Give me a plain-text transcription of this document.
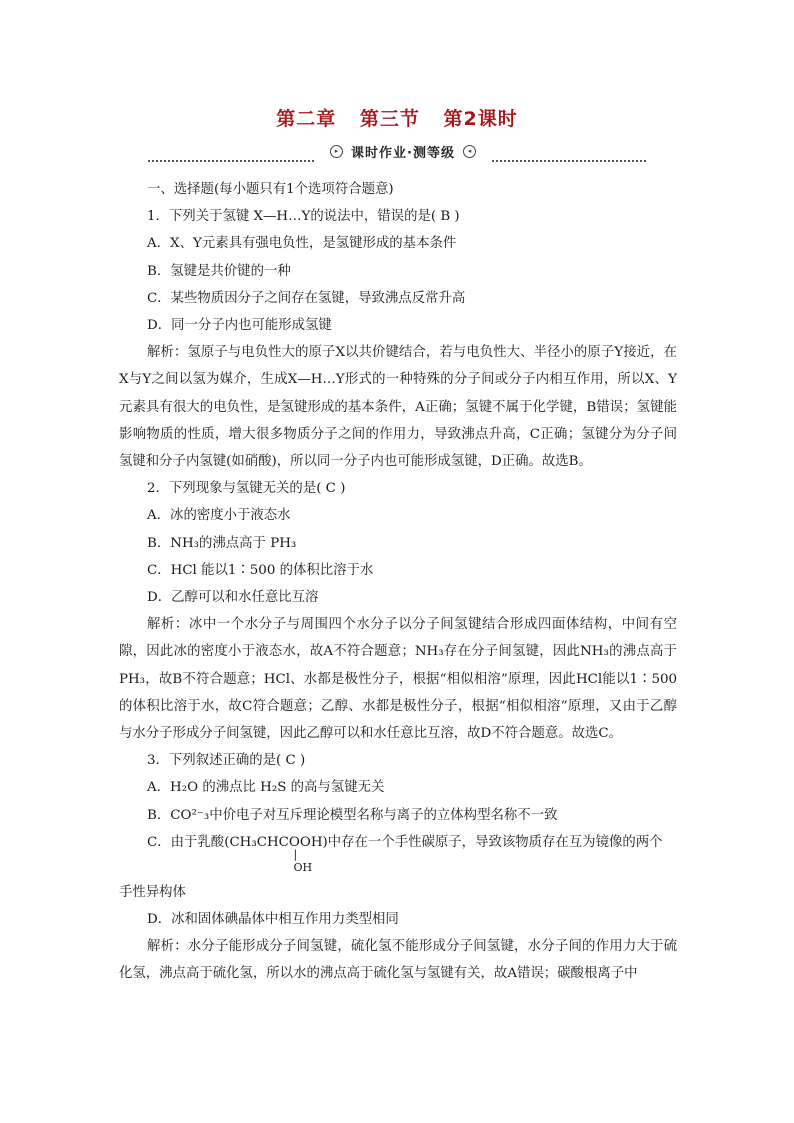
第二章 第三节 第2课时
▸ 课时作业·测等级	◂

一、选择题(每小题只有1个选项符合题意)

1．下列关于氢键 X—H…Y的说法中，错误的是( B )

A．X、Y元素具有强电负性，是氢键形成的基本条件

B．氢键是共价键的一种

C．某些物质因分子之间存在氢键，导致沸点反常升高

D．同一分子内也可能形成氢键

解析：氢原子与电负性大的原子X以共价键结合，若与电负性大、半径小的原子Y接近，在X与Y之间以氢为媒介，生成X—H…Y形式的一种特殊的分子间或分子内相互作用，所以X、Y元素具有很大的电负性，是氢键形成的基本条件，A正确；氢键不属于化学键，B错误；氢键能影响物质的性质，增大很多物质分子之间的作用力，导致沸点升高，C正确；氢键分为分子间氢键和分子内氢键(如硝酸)，所以同一分子内也可能形成氢键，D正确。故选B。

2．下列现象与氢键无关的是( C )

A．冰的密度小于液态水

B．NH₃的沸点高于 PH₃

C．HCl 能以1∶500 的体积比溶于水

D．乙醇可以和水任意比互溶

解析：冰中一个水分子与周围四个水分子以分子间氢键结合形成四面体结构，中间有空隙，因此冰的密度小于液态水，故A不符合题意；NH₃存在分子间氢键，因此NH₃的沸点高于PH₃，故B不符合题意；HCl、水都是极性分子，根据“相似相溶”原理，因此HCl能以1∶500的体积比溶于水，故C符合题意；乙醇、水都是极性分子，根据“相似相溶”原理，又由于乙醇与水分子形成分子间氢键，因此乙醇可以和水任意比互溶，故D不符合题意。故选C。

3．下列叙述正确的是( C )

A．H₂O 的沸点比 H₂S 的高与氢键无关

B．CO²⁻₃中价电子对互斥理论模型名称与离子的立体构型名称不一致

C．由于乳酸(CH₃CHCOOH
|
OH
)中存在一个手性碳原子，导致该物质存在互为镜像的两个

手性异构体

D．冰和固体碘晶体中相互作用力类型相同

解析：水分子能形成分子间氢键，硫化氢不能形成分子间氢键，水分子间的作用力大于硫化氢，沸点高于硫化氢，所以水的沸点高于硫化氢与氢键有关，故A错误；碳酸根离子中
